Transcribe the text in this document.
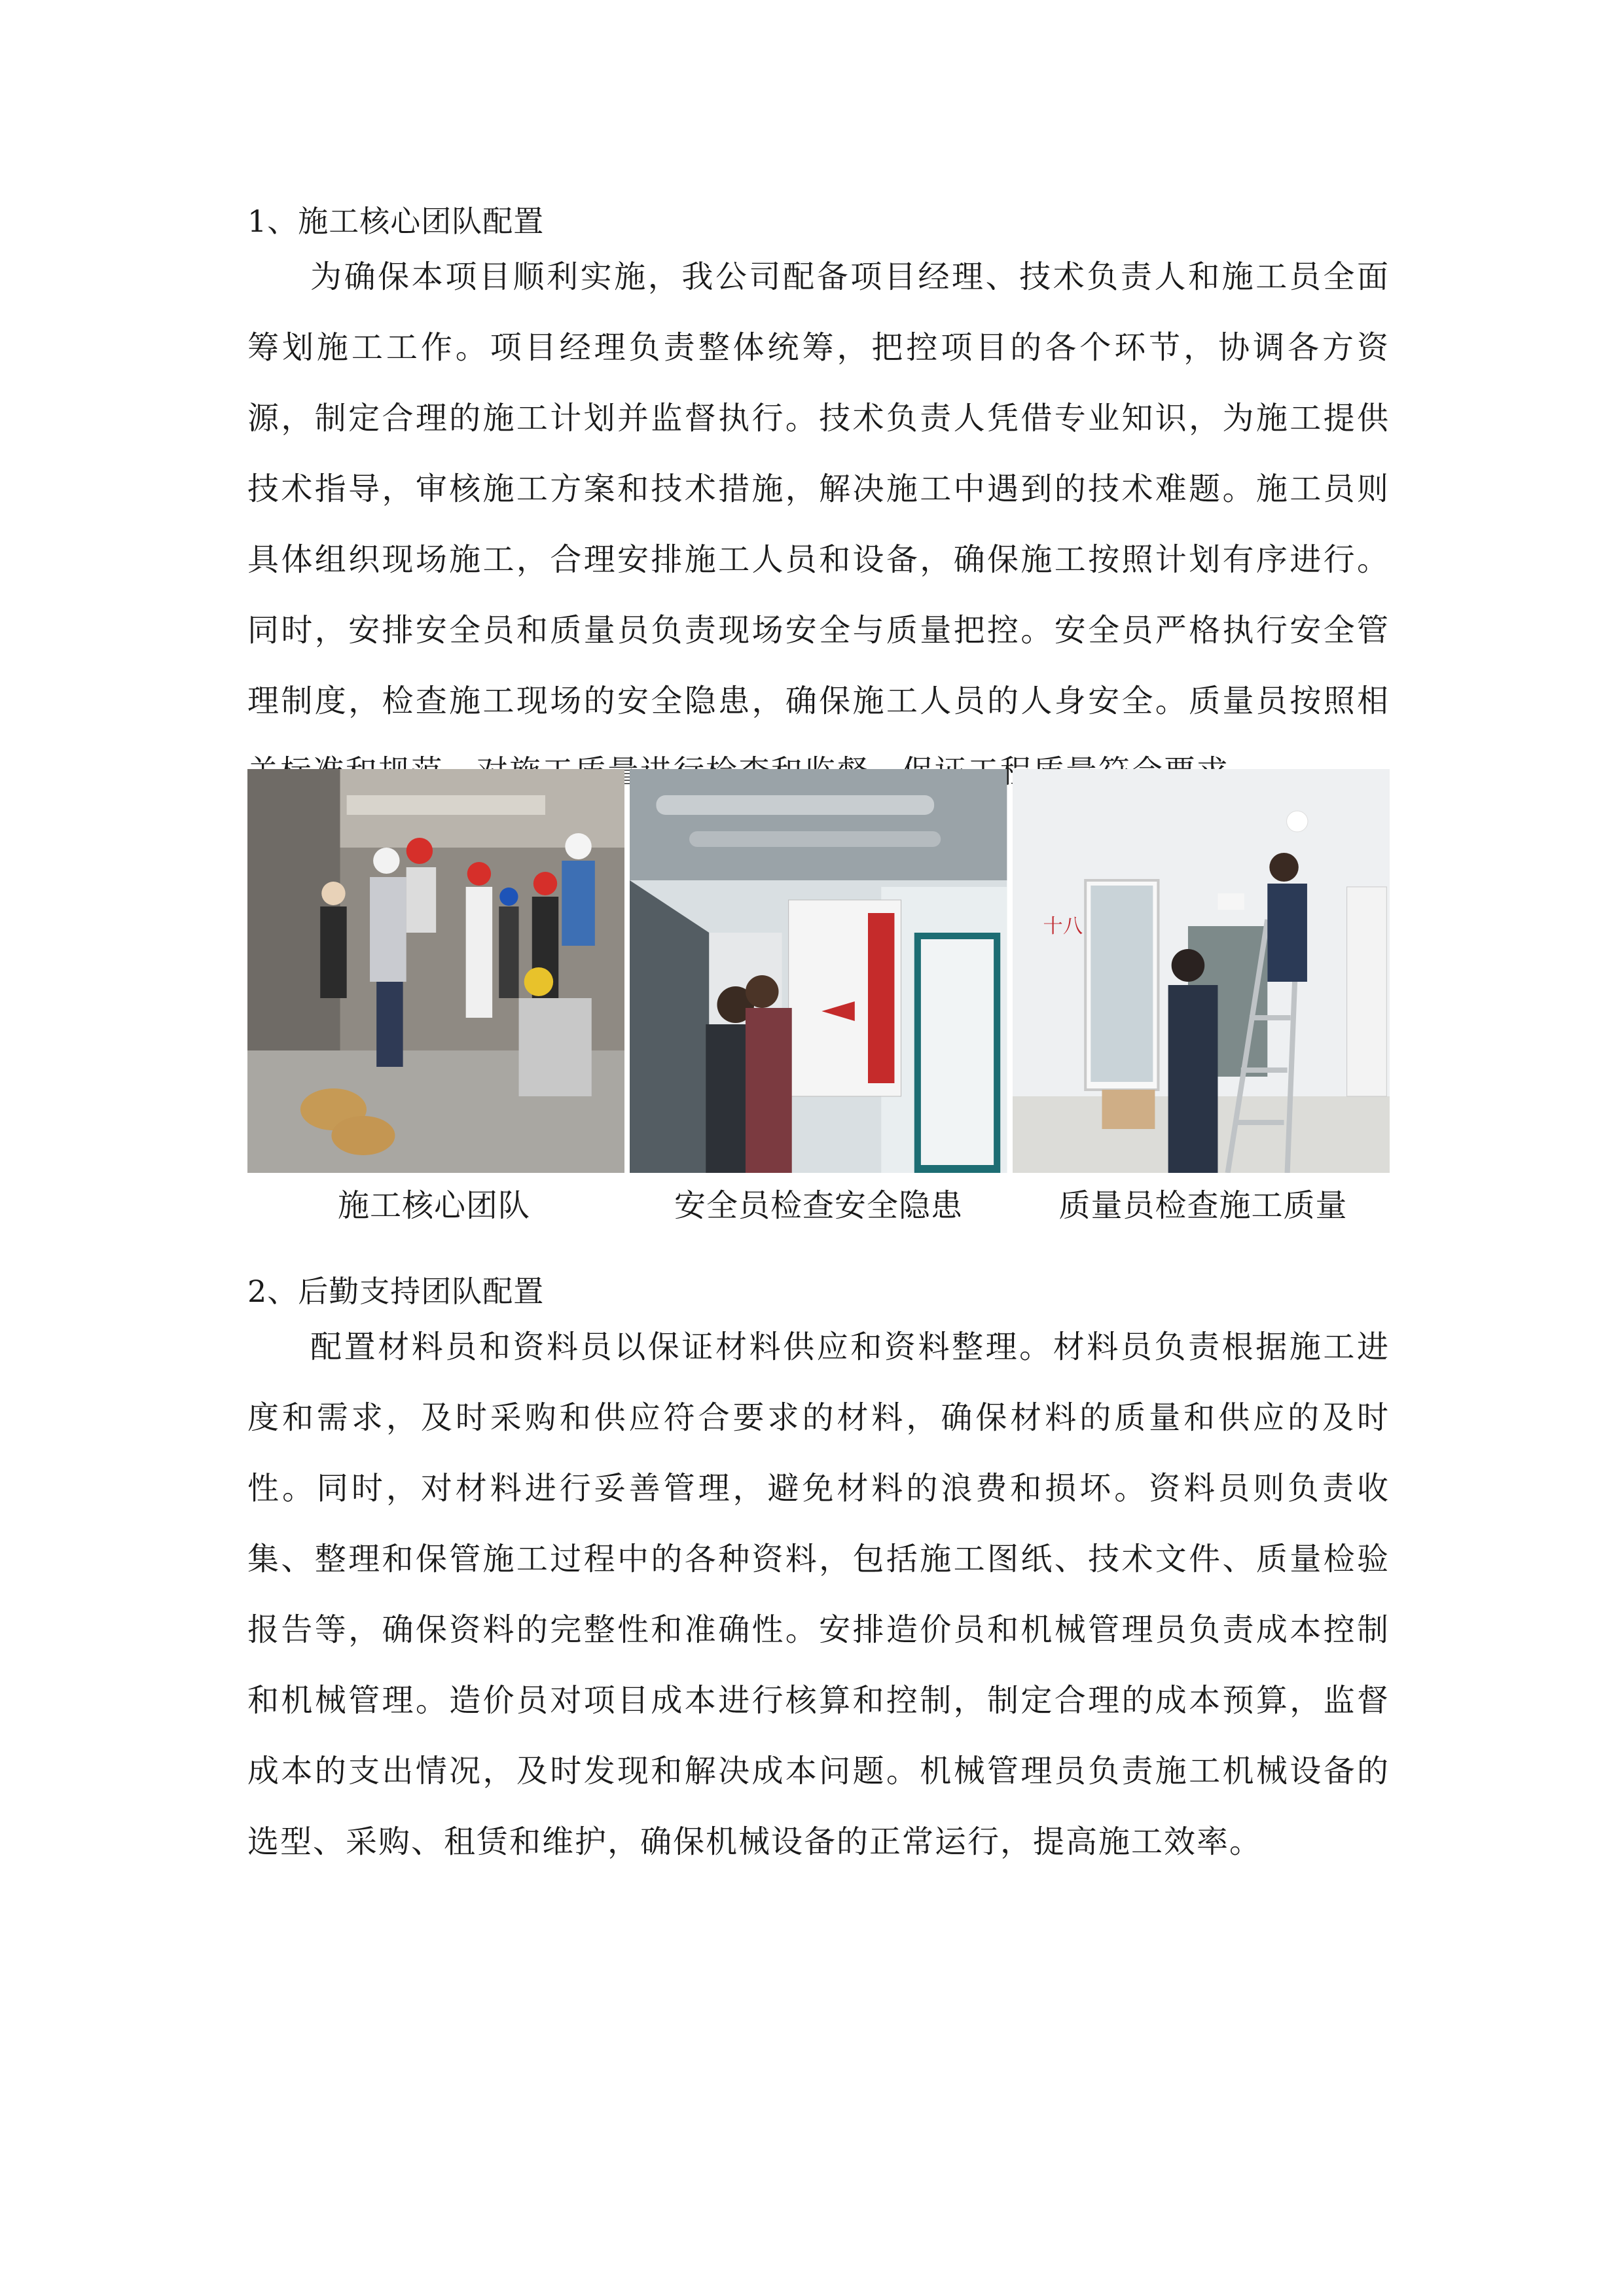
1、施工核心团队配置

为确保本项目顺利实施，我公司配备项目经理、技术负责人和施工员全面筹划施工工作。项目经理负责整体统筹，把控项目的各个环节，协调各方资源，制定合理的施工计划并监督执行。技术负责人凭借专业知识，为施工提供技术指导，审核施工方案和技术措施，解决施工中遇到的技术难题。施工员则具体组织现场施工，合理安排施工人员和设备，确保施工按照计划有序进行。同时，安排安全员和质量员负责现场安全与质量把控。安全员严格执行安全管理制度，检查施工现场的安全隐患，确保施工人员的人身安全。质量员按照相

十八
施工核心团队	安全员检查安全隐患	质量员检查施工质量
2、后勤支持团队配置

配置材料员和资料员以保证材料供应和资料整理。材料员负责根据施工进度和需求，及时采购和供应符合要求的材料，确保材料的质量和供应的及时性。同时，对材料进行妥善管理，避免材料的浪费和损坏。资料员则负责收集、整理和保管施工过程中的各种资料，包括施工图纸、技术文件、质量检验报告等，确保资料的完整性和准确性。安排造价员和机械管理员负责成本控制和机械管理。造价员对项目成本进行核算和控制，制定合理的成本预算，监督成本的支出情况，及时发现和解决成本问题。机械管理员负责施工机械设备的选型、采购、租赁和维护，确保机械设备的正常运行，提高施工效率。
